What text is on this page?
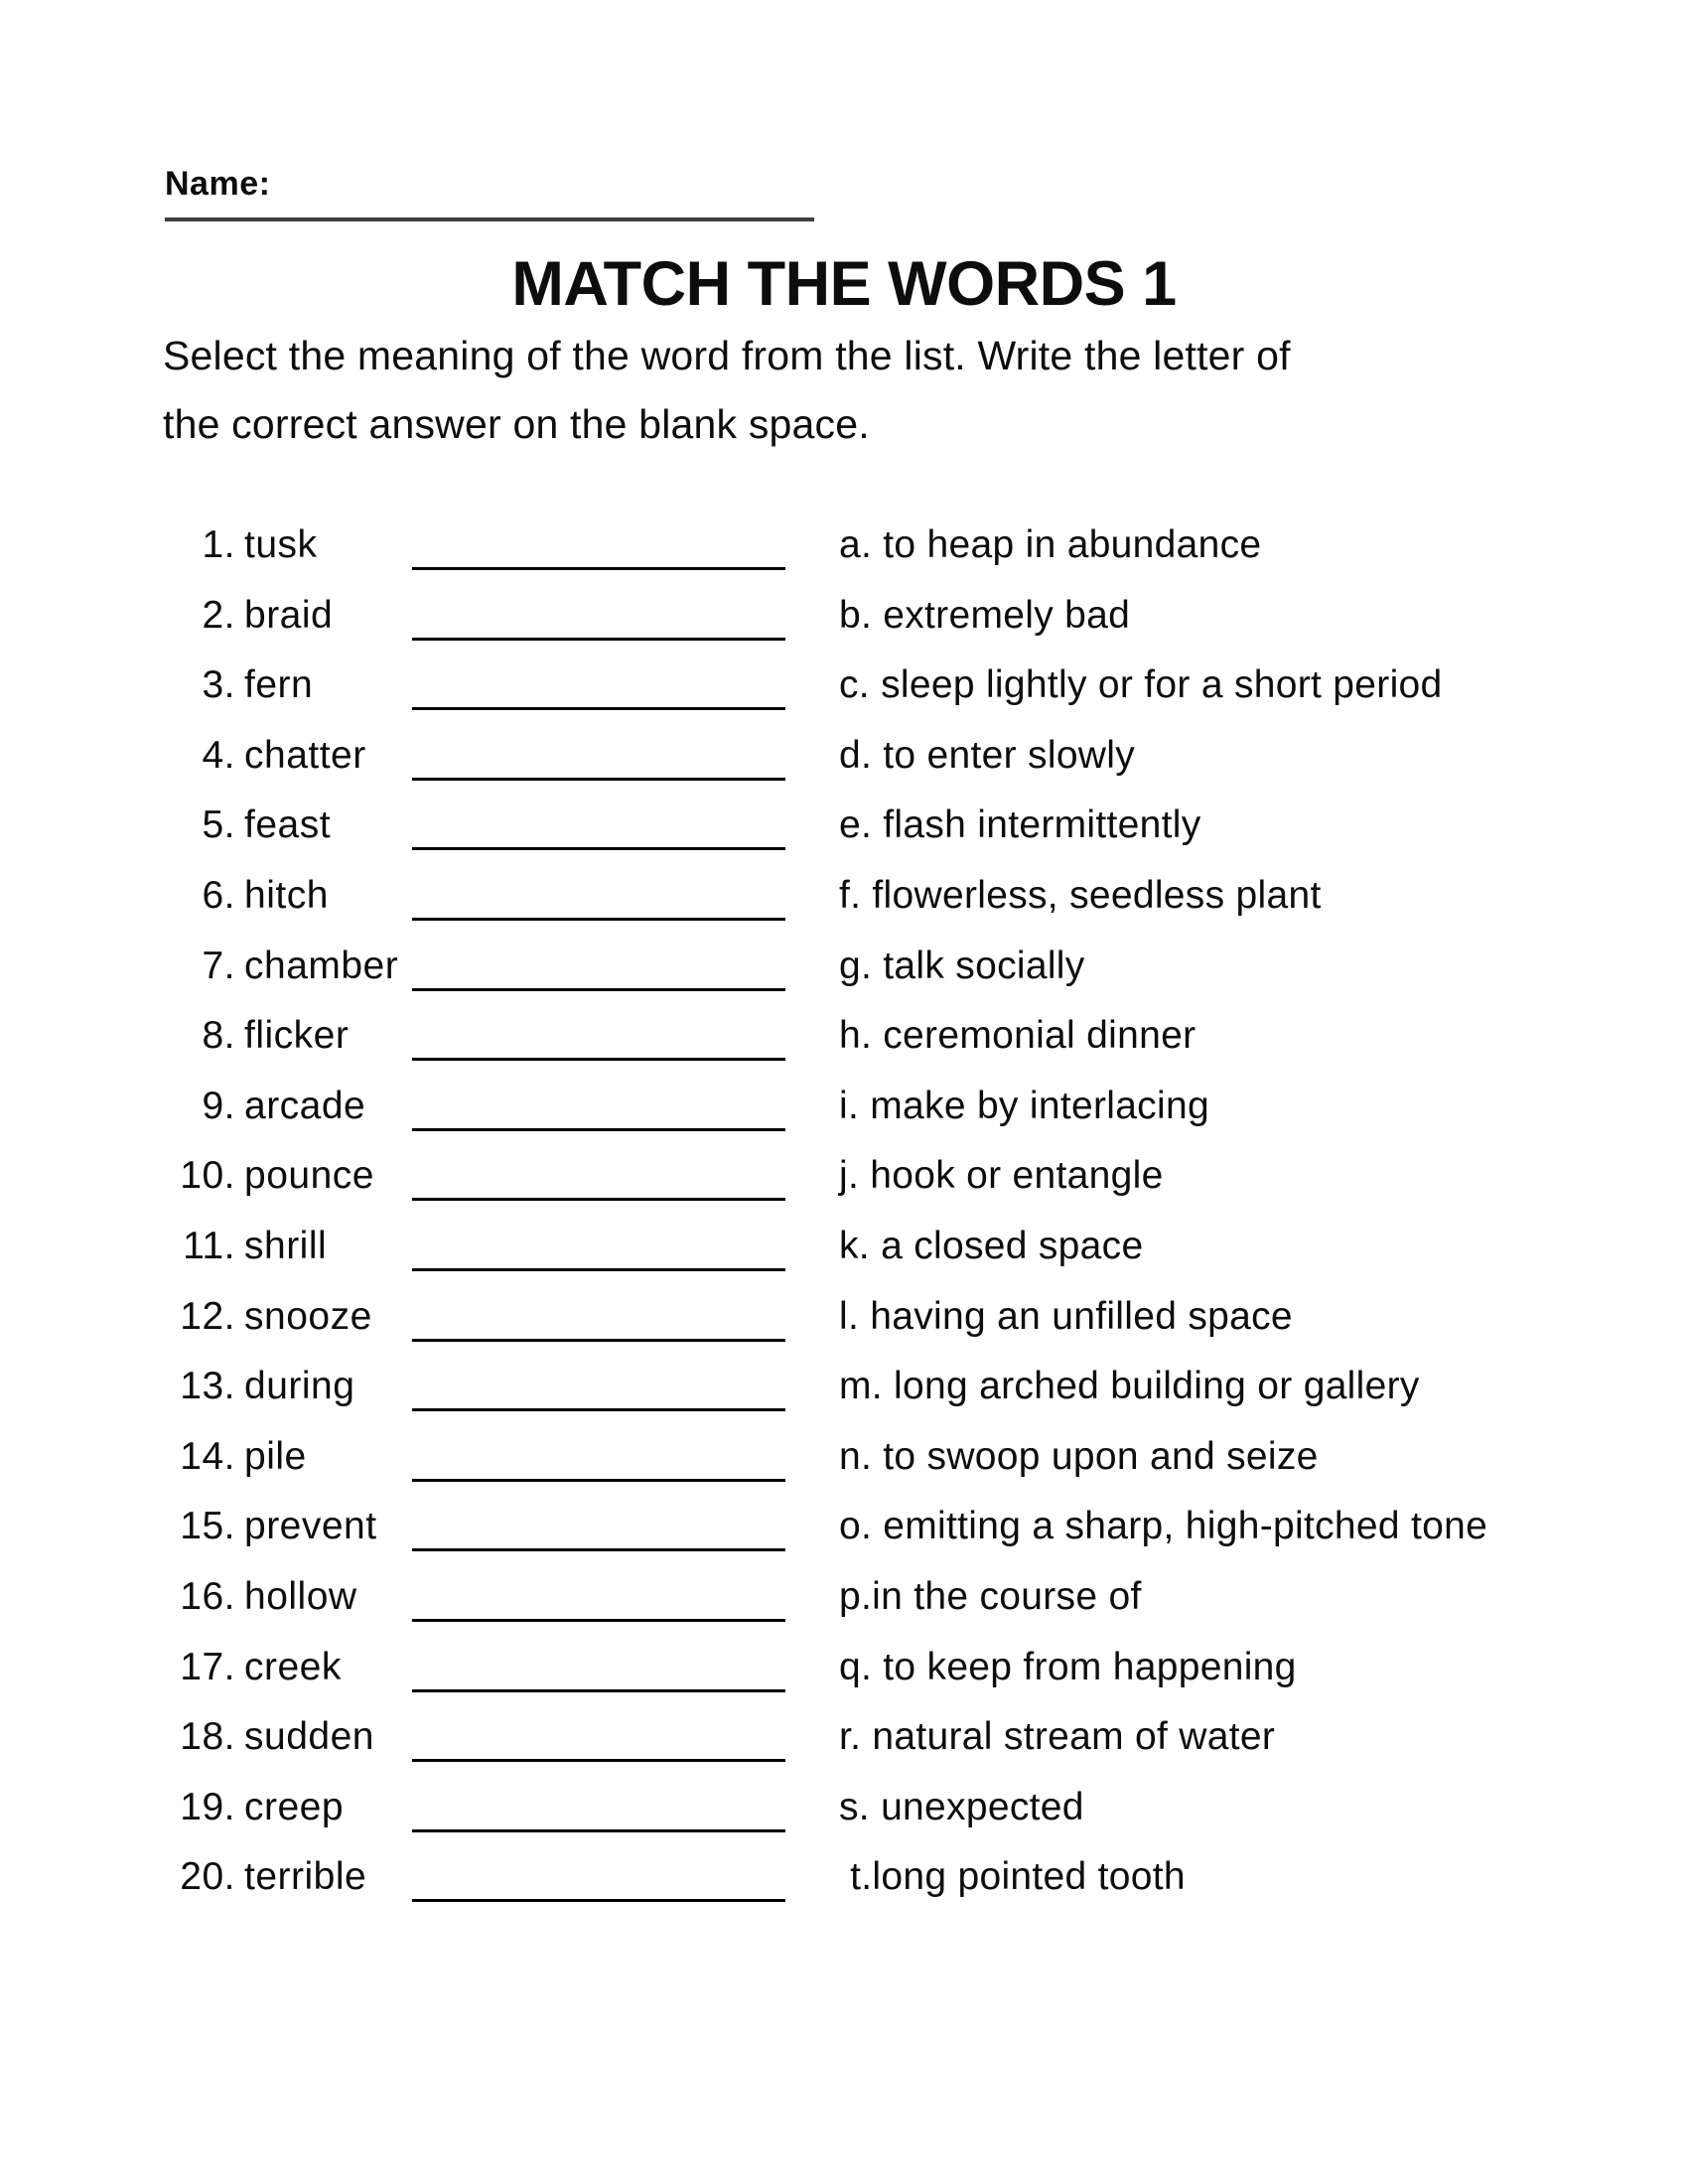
Name:
MATCH THE WORDS 1
Select the meaning of the word from the list. Write the letter of
the correct answer on the blank space.
1. tusk	a. to heap in abundance
2. braid	b. extremely bad
3. fern	c. sleep lightly or for a short period
4. chatter	d. to enter slowly
5. feast	e. flash intermittently
6. hitch	f. flowerless, seedless plant
7. chamber	g. talk socially
8. flicker	h. ceremonial dinner
9. arcade	i. make by interlacing
10. pounce	j. hook or entangle
11. shrill	k. a closed space
12. snooze	l. having an unfilled space
13. during	m. long arched building or gallery
14. pile	n. to swoop upon and seize
15. prevent	o. emitting a sharp, high-pitched tone
16. hollow	p.in the course of
17. creek	q. to keep from happening
18. sudden	r. natural stream of water
19. creep	s. unexpected
20. terrible	t.long pointed tooth
